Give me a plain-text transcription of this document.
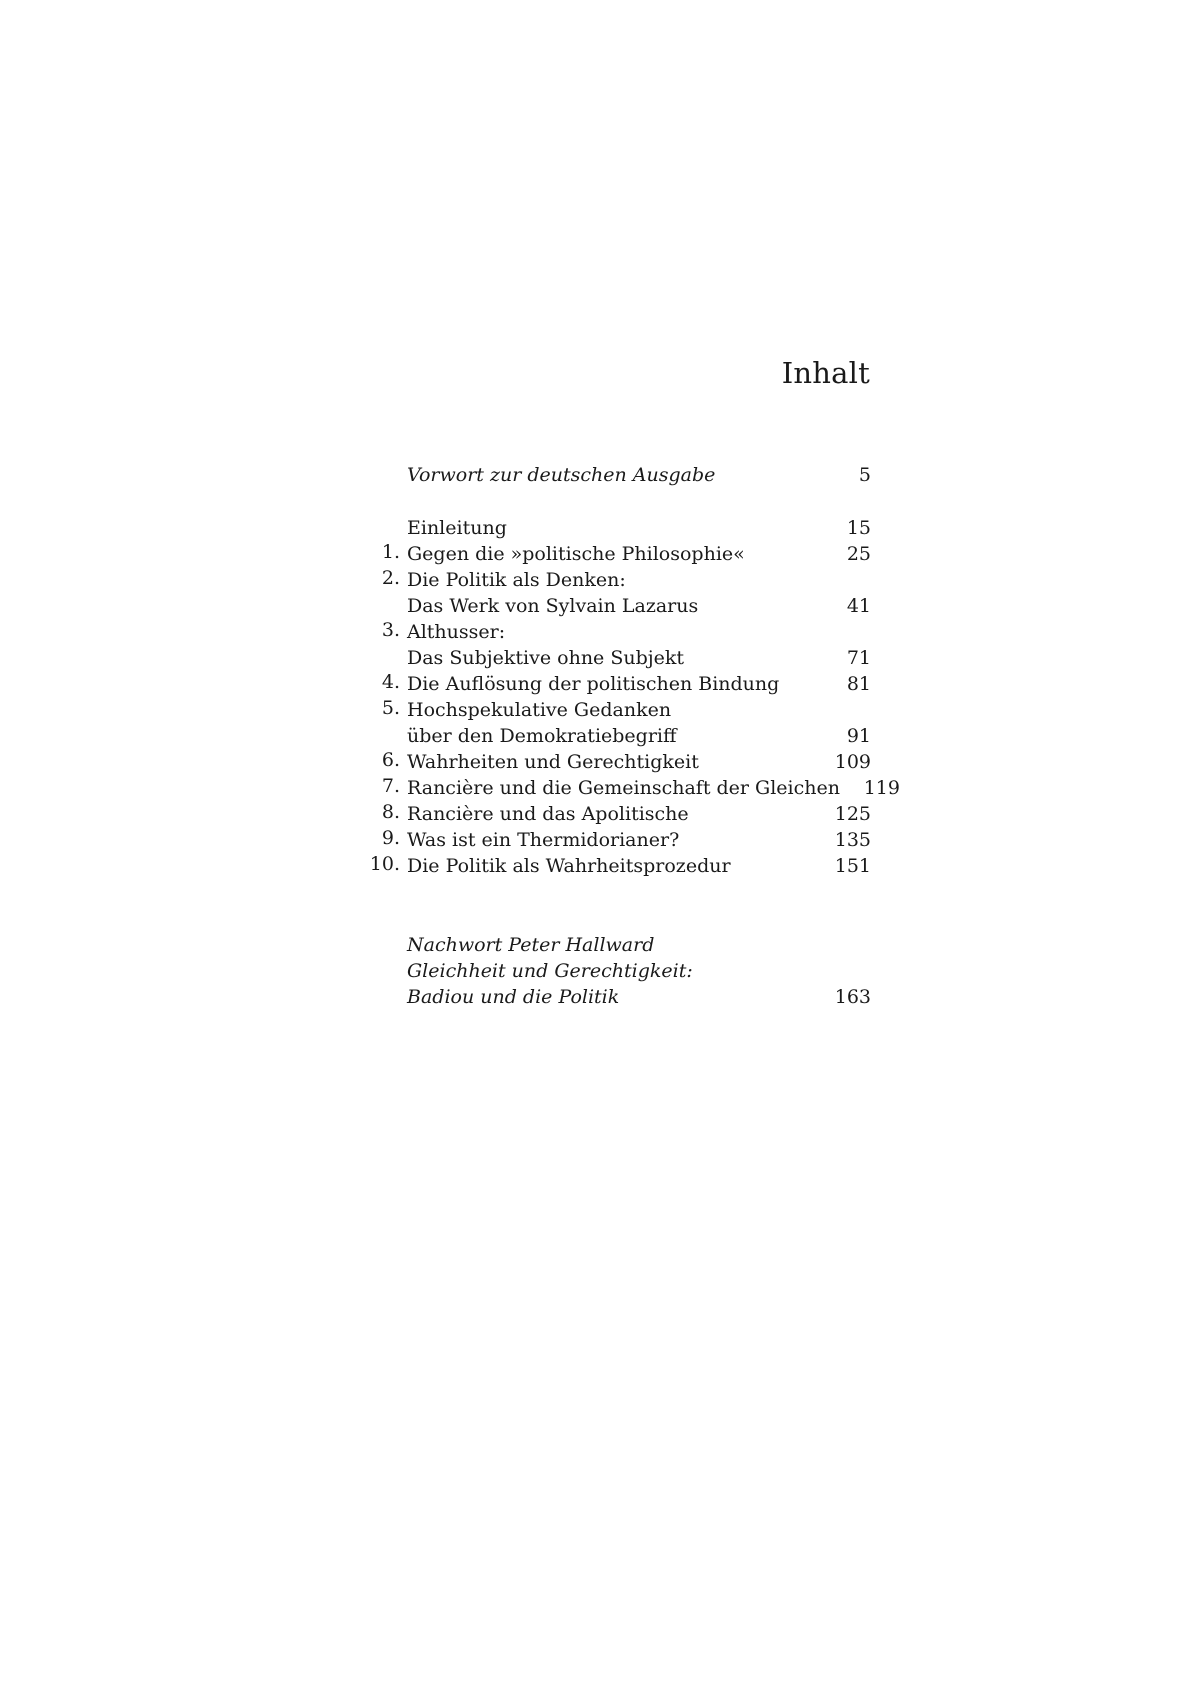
Inhalt
Vorwort zur deutschen Ausgabe	5
Einleitung	15
1. Gegen die »politische Philosophie«	25
2. Die Politik als Denken:
Das Werk von Sylvain Lazarus	41
3. Althusser:
Das Subjektive ohne Subjekt	71
4. Die Auflösung der politischen Bindung	81
5. Hochspekulative Gedanken
über den Demokratiebegriff	91
6. Wahrheiten und Gerechtigkeit	109
7. Rancière und die Gemeinschaft der Gleichen	119
8. Rancière und das Apolitische	125
9. Was ist ein Thermidorianer?	135
10. Die Politik als Wahrheitsprozedur	151
Nachwort Peter Hallward
Gleichheit und Gerechtigkeit:
Badiou und die Politik	163
